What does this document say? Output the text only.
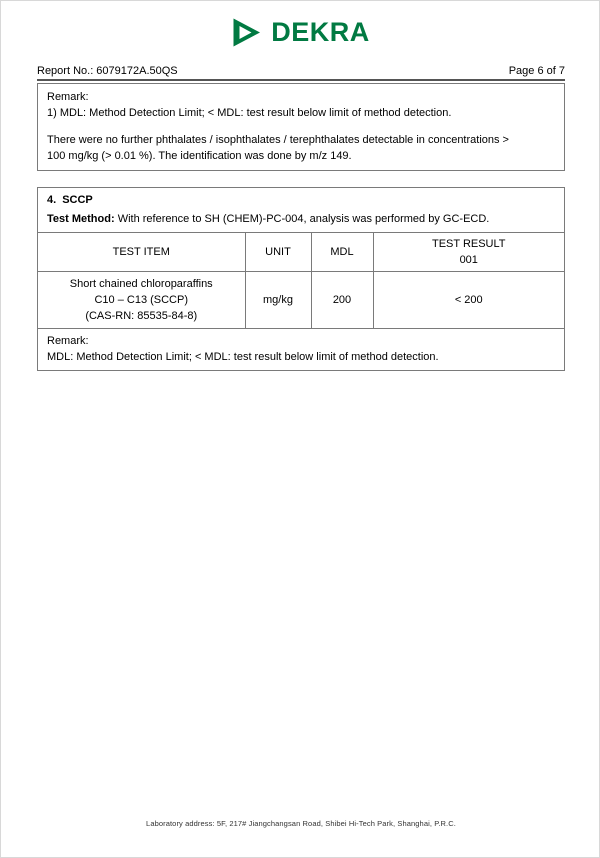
DEKRA
Report No.: 6079172A.50QS	Page 6 of 7

Remark:

1) MDL: Method Detection Limit; < MDL: test result below limit of method detection.

There were no further phthalates / isophthalates / terephthalates detectable in concentrations >

100 mg/kg (> 0.01 %). The identification was done by m/z 149.

4. SCCP

Test Method: With reference to SH (CHEM)-PC-004, analysis was performed by GC-ECD.

TEST ITEM	UNIT	MDL	TEST RESULT
001

Short chained chloroparaffins
C10 – C13 (SCCP)
(CAS-RN: 85535-84-8)	mg/kg	200	< 200

Remark:

MDL: Method Detection Limit; < MDL: test result below limit of method detection.

Laboratory address: 5F, 217# Jiangchangsan Road, Shibei Hi-Tech Park, Shanghai, P.R.C.
